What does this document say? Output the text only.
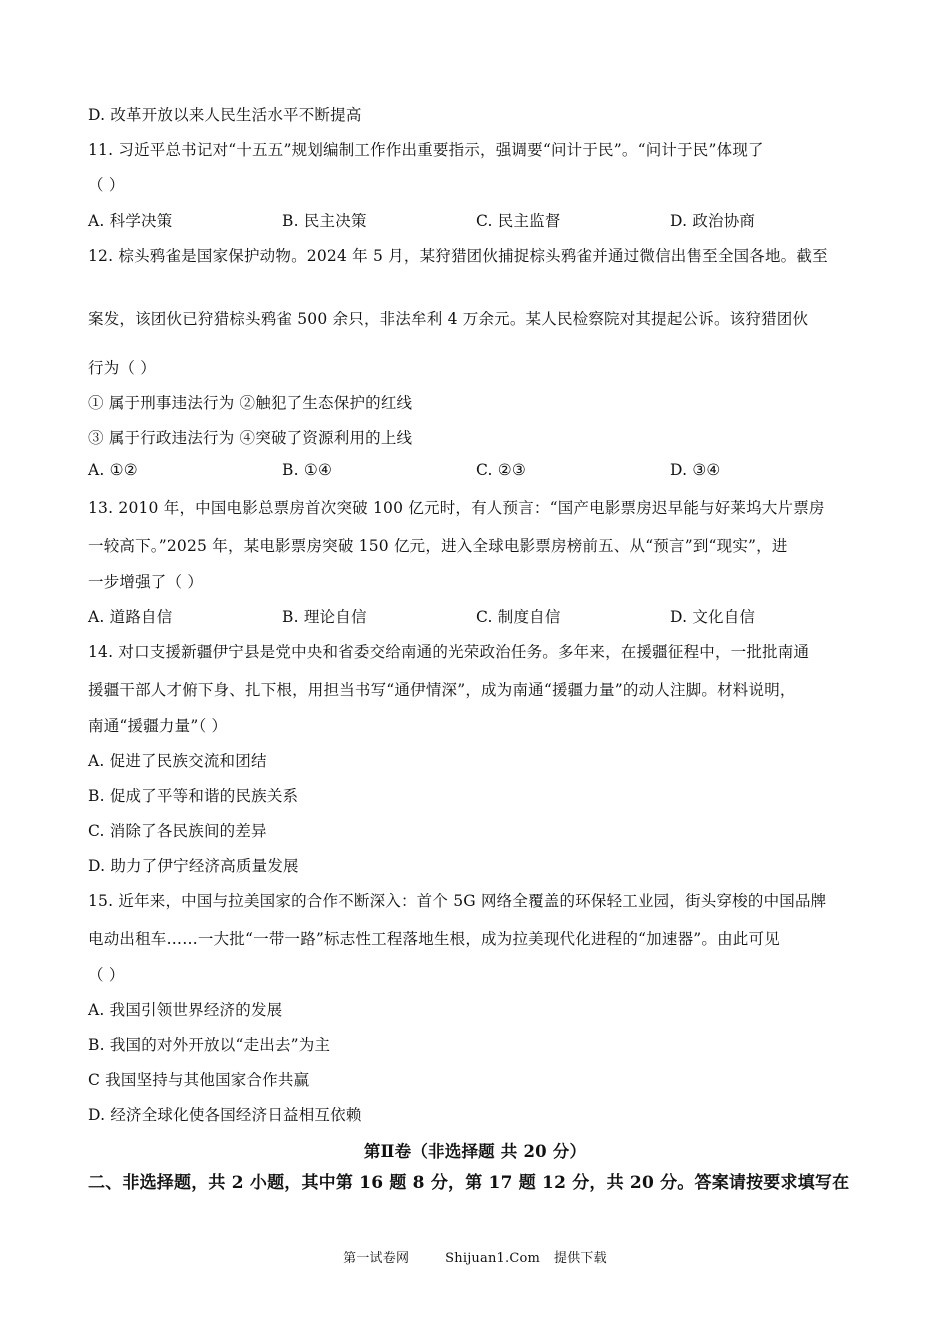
D. 改革开放以来人民生活水平不断提高
11. 习近平总书记对“十五五”规划编制工作作出重要指示，强调要“问计于民”。“问计于民”体现了
（ ）
A. 科学决策	B. 民主决策	C. 民主监督	D. 政治协商
12. 棕头鸦雀是国家保护动物。2024 年 5 月，某狩猎团伙捕捉棕头鸦雀并通过微信出售至全国各地。截至
案发，该团伙已狩猎棕头鸦雀 500 余只，非法牟利 4 万余元。某人民检察院对其提起公诉。该狩猎团伙
行为（ ）
① 属于刑事违法行为 ②触犯了生态保护的红线
③ 属于行政违法行为 ④突破了资源利用的上线
A. ①②	B. ①④	C. ②③	D. ③④
13. 2010 年，中国电影总票房首次突破 100 亿元时，有人预言：“国产电影票房迟早能与好莱坞大片票房
一较高下。”2025 年，某电影票房突破 150 亿元，进入全球电影票房榜前五、从“预言”到“现实”，进
一步增强了（ ）
A. 道路自信	B. 理论自信	C. 制度自信	D. 文化自信
14. 对口支援新疆伊宁县是党中央和省委交给南通的光荣政治任务。多年来，在援疆征程中，一批批南通
援疆干部人才俯下身、扎下根，用担当书写“通伊情深”，成为南通“援疆力量”的动人注脚。材料说明，
南通“援疆力量”（ ）
A. 促进了民族交流和团结
B. 促成了平等和谐的民族关系
C. 消除了各民族间的差异
D. 助力了伊宁经济高质量发展
15. 近年来，中国与拉美国家的合作不断深入：首个 5G 网络全覆盖的环保轻工业园，街头穿梭的中国品牌
电动出租车……一大批“一带一路”标志性工程落地生根，成为拉美现代化进程的“加速器”。由此可见
（ ）
A. 我国引领世界经济的发展
B. 我国的对外开放以“走出去”为主
C 我国坚持与其他国家合作共赢
D. 经济全球化使各国经济日益相互依赖
第Ⅱ卷（非选择题 共 20 分）
二、非选择题，共 2 小题，其中第 16 题 8 分，第 17 题 12 分，共 20 分。答案请按要求填写在
第一试卷网	Shijuan1.Com 提供下载
